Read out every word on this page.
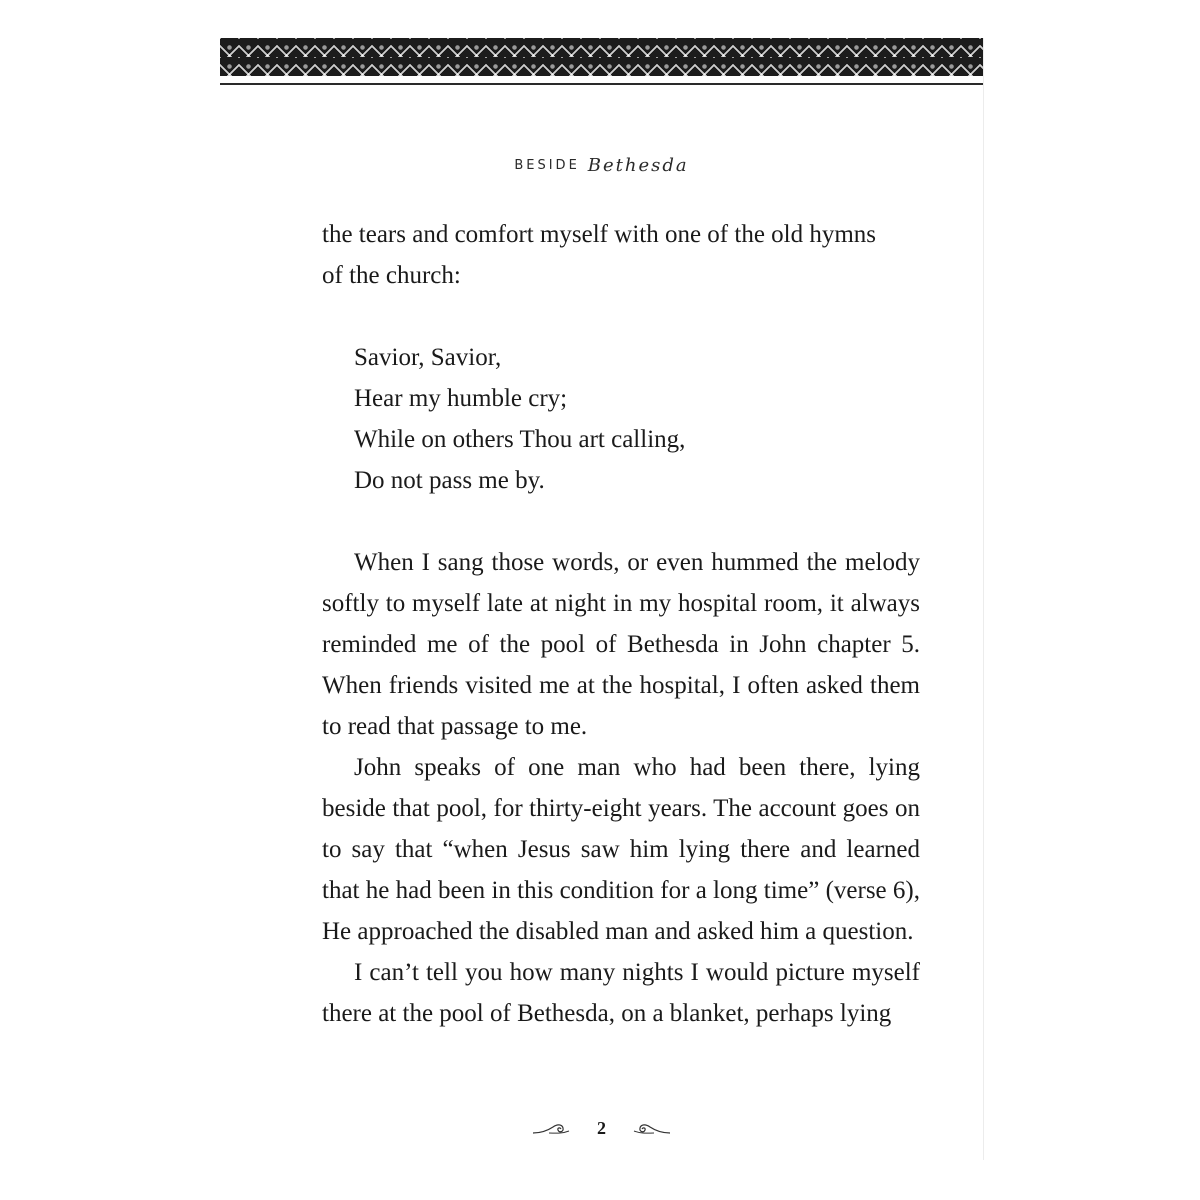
BESIDE Bethesda

the tears and comfort myself with one of the old hymns
of the church:

Savior, Savior,
Hear my humble cry;
While on others Thou art calling,
Do not pass me by.

When I sang those words, or even hummed the melody softly to myself late at night in my hospital room, it always reminded me of the pool of Bethesda in John chapter 5. When friends visited me at the hospital, I often asked them to read that passage to me.

John speaks of one man who had been there, lying beside that pool, for thirty-eight years. The account goes on to say that “when Jesus saw him lying there and learned that he had been in this condition for a long time” (verse 6), He approached the disabled man and asked him a question.

I can’t tell you how many nights I would picture myself there at the pool of Bethesda, on a blanket, perhaps lying

2
